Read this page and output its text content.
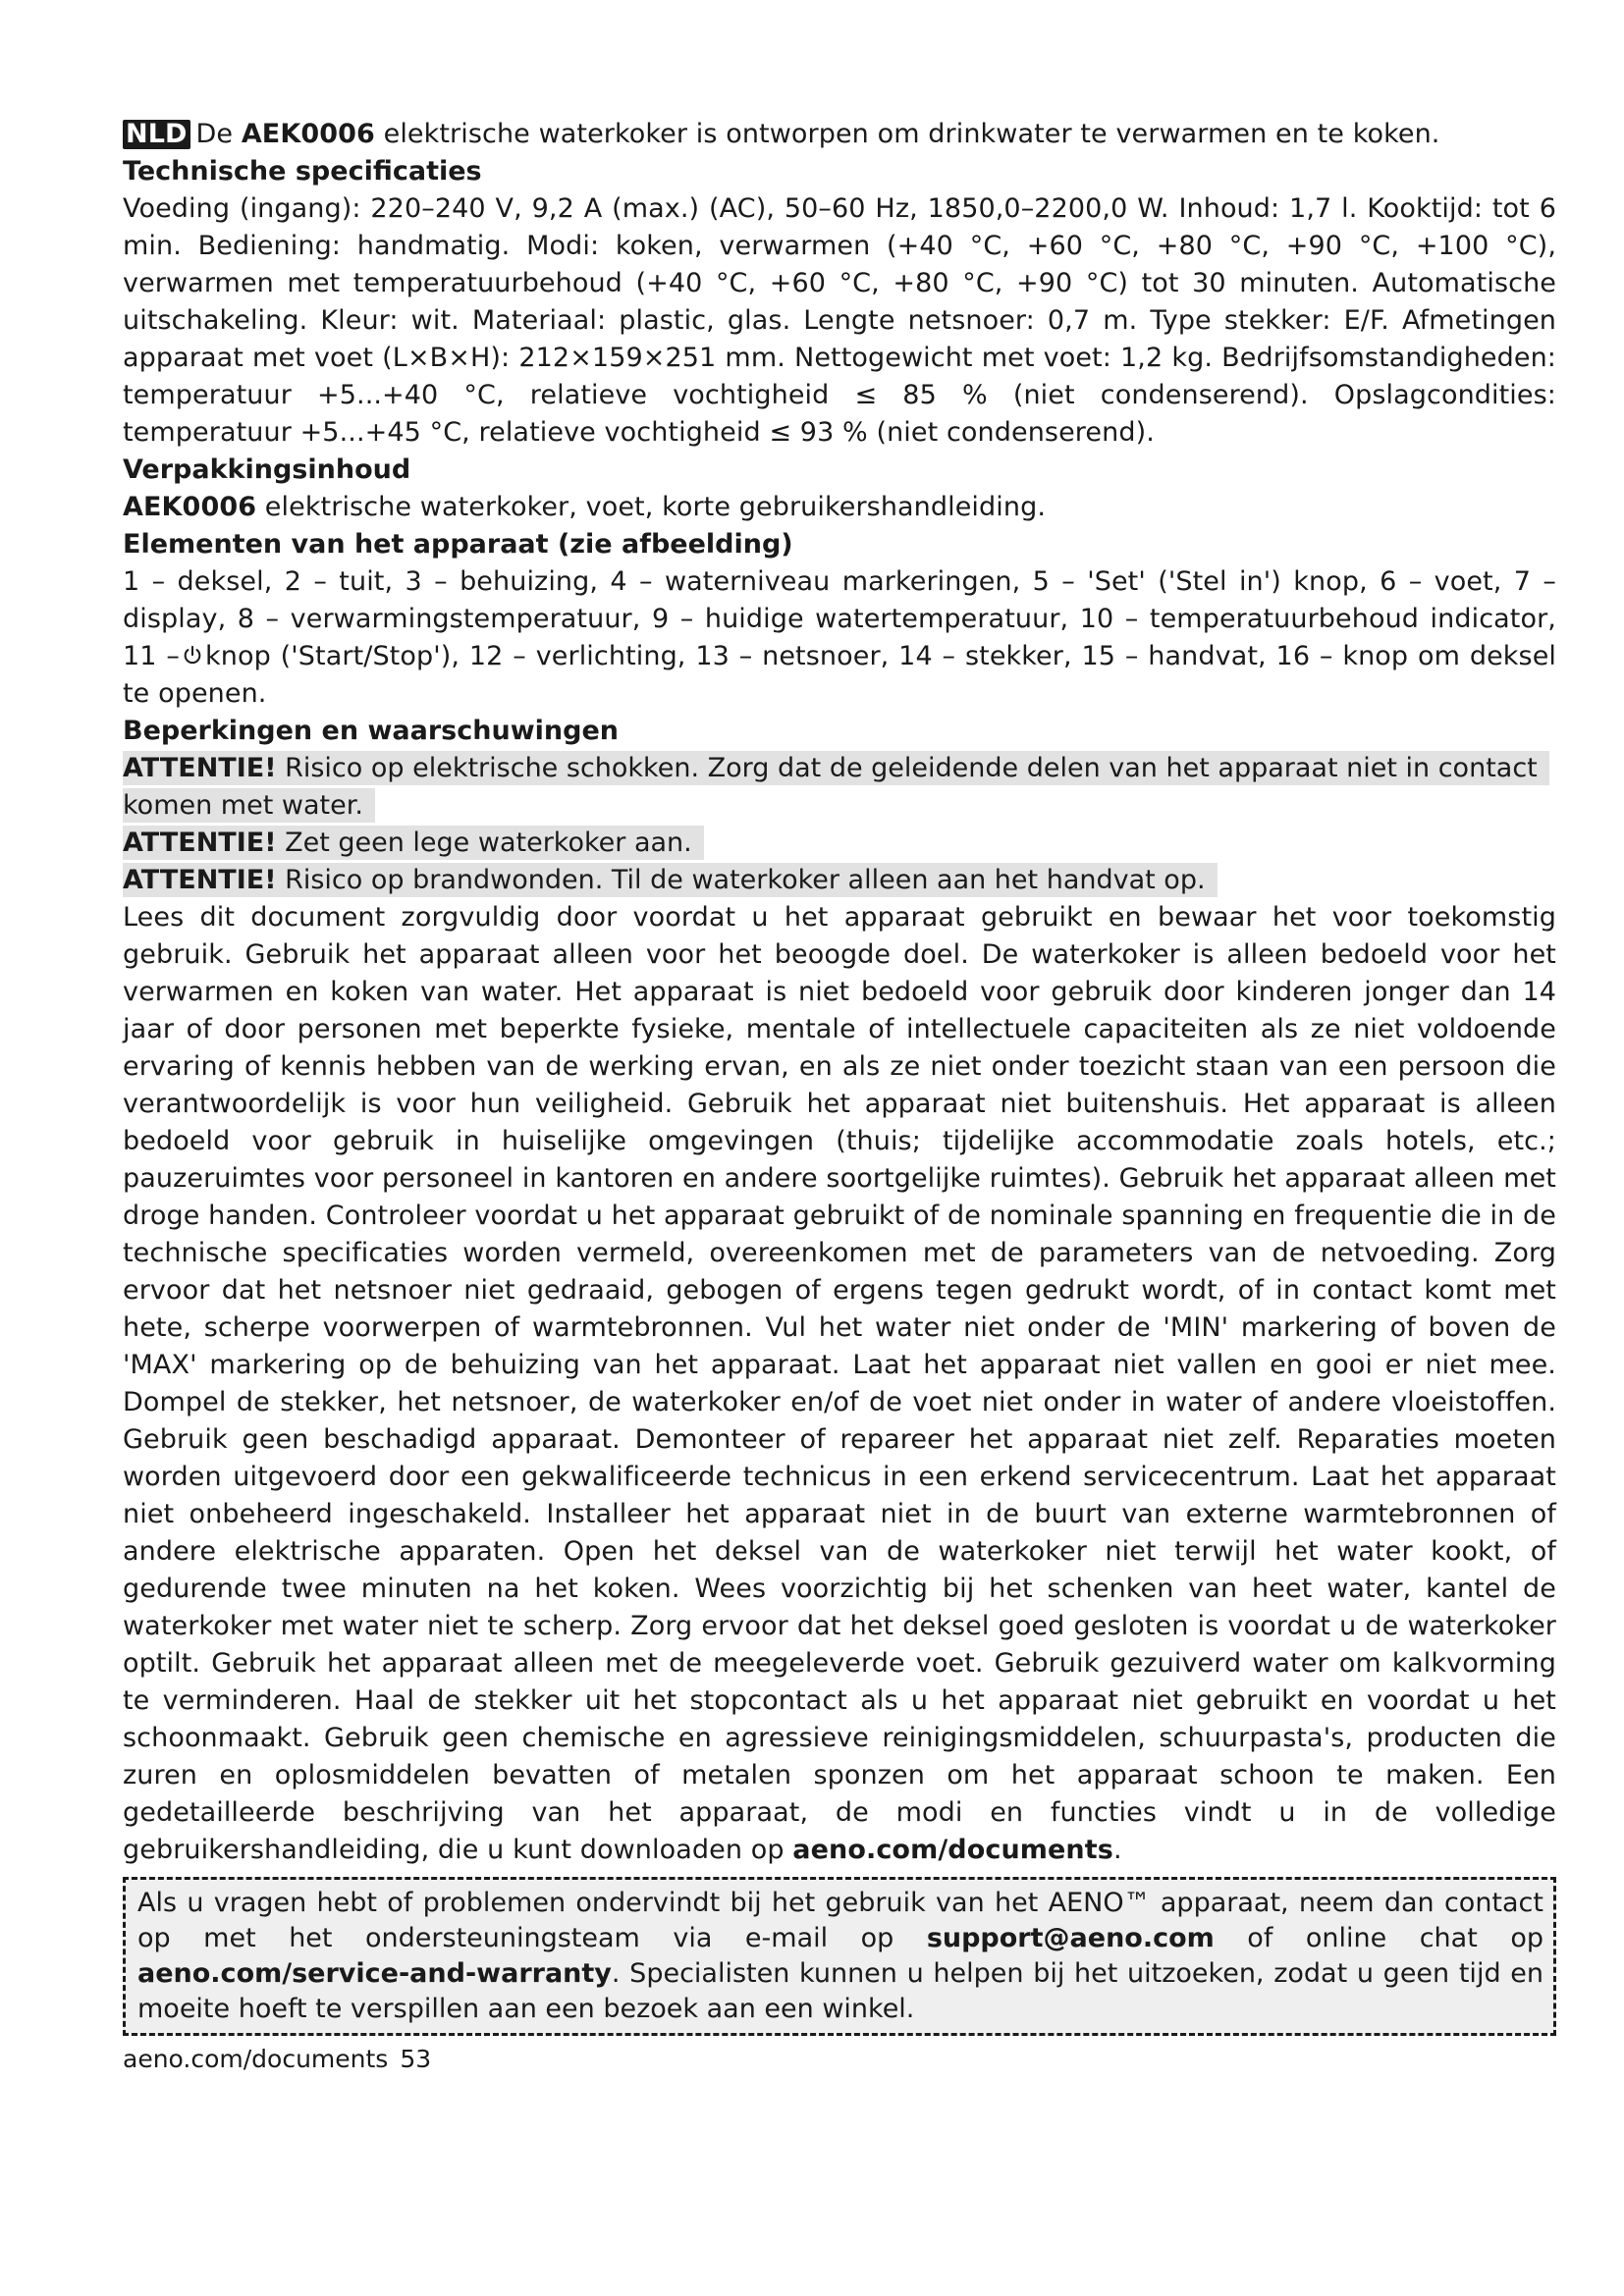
NLD De AEK0006 elektrische waterkoker is ontworpen om drinkwater te verwarmen en te koken.

Technische specificaties

Voeding (ingang): 220–240 V, 9,2 A (max.) (AC), 50–60 Hz, 1850,0–2200,0 W. Inhoud: 1,7 l. Kooktijd: tot 6 min. Bediening: handmatig. Modi: koken, verwarmen (+40 °C, +60 °C, +80 °C, +90 °C, +100 °C), verwarmen met temperatuurbehoud (+40 °C, +60 °C, +80 °C, +90 °C) tot 30 minuten. Automatische uitschakeling. Kleur: wit. Materiaal: plastic, glas. Lengte netsnoer: 0,7 m. Type stekker: E/F. Afmetingen apparaat met voet (L×B×H): 212×159×251 mm. Nettogewicht met voet: 1,2 kg. Bedrijfsomstandigheden: temperatuur +5...+40 °C, relatieve vochtigheid ≤ 85 % (niet condenserend). Opslagcondities: temperatuur +5...+45 °C, relatieve vochtigheid ≤ 93 % (niet condenserend).

Verpakkingsinhoud

AEK0006 elektrische waterkoker, voet, korte gebruikershandleiding.

Elementen van het apparaat (zie afbeelding)

1 – deksel, 2 – tuit, 3 – behuizing, 4 – waterniveau markeringen, 5 – 'Set' ('Stel in') knop, 6 – voet, 7 – display, 8 – verwarmingstemperatuur, 9 – huidige watertemperatuur, 10 – temperatuurbehoud indicator, 11 – knop ('Start/Stop'), 12 – verlichting, 13 – netsnoer, 14 – stekker, 15 – handvat, 16 – knop om deksel te openen.

Beperkingen en waarschuwingen

ATTENTIE! Risico op elektrische schokken. Zorg dat de geleidende delen van het apparaat niet in contact komen met water.

ATTENTIE! Zet geen lege waterkoker aan.

ATTENTIE! Risico op brandwonden. Til de waterkoker alleen aan het handvat op.

Lees dit document zorgvuldig door voordat u het apparaat gebruikt en bewaar het voor toekomstig gebruik. Gebruik het apparaat alleen voor het beoogde doel. De waterkoker is alleen bedoeld voor het verwarmen en koken van water. Het apparaat is niet bedoeld voor gebruik door kinderen jonger dan 14 jaar of door personen met beperkte fysieke, mentale of intellectuele capaciteiten als ze niet voldoende ervaring of kennis hebben van de werking ervan, en als ze niet onder toezicht staan van een persoon die verantwoordelijk is voor hun veiligheid. Gebruik het apparaat niet buitenshuis. Het apparaat is alleen bedoeld voor gebruik in huiselijke omgevingen (thuis; tijdelijke accommodatie zoals hotels, etc.; pauzeruimtes voor personeel in kantoren en andere soortgelijke ruimtes). Gebruik het apparaat alleen met droge handen. Controleer voordat u het apparaat gebruikt of de nominale spanning en frequentie die in de technische specificaties worden vermeld, overeenkomen met de parameters van de netvoeding. Zorg ervoor dat het netsnoer niet gedraaid, gebogen of ergens tegen gedrukt wordt, of in contact komt met hete, scherpe voorwerpen of warmtebronnen. Vul het water niet onder de 'MIN' markering of boven de 'MAX' markering op de behuizing van het apparaat. Laat het apparaat niet vallen en gooi er niet mee. Dompel de stekker, het netsnoer, de waterkoker en/of de voet niet onder in water of andere vloeistoffen. Gebruik geen beschadigd apparaat. Demonteer of repareer het apparaat niet zelf. Reparaties moeten worden uitgevoerd door een gekwalificeerde technicus in een erkend servicecentrum. Laat het apparaat niet onbeheerd ingeschakeld. Installeer het apparaat niet in de buurt van externe warmtebronnen of andere elektrische apparaten. Open het deksel van de waterkoker niet terwijl het water kookt, of gedurende twee minuten na het koken. Wees voorzichtig bij het schenken van heet water, kantel de waterkoker met water niet te scherp. Zorg ervoor dat het deksel goed gesloten is voordat u de waterkoker optilt. Gebruik het apparaat alleen met de meegeleverde voet. Gebruik gezuiverd water om kalkvorming te verminderen. Haal de stekker uit het stopcontact als u het apparaat niet gebruikt en voordat u het schoonmaakt. Gebruik geen chemische en agressieve reinigingsmiddelen, schuurpasta's, producten die zuren en oplosmiddelen bevatten of metalen sponzen om het apparaat schoon te maken. Een gedetailleerde beschrijving van het apparaat, de modi en functies vindt u in de volledige gebruikershandleiding, die u kunt downloaden op aeno.com/documents.

Als u vragen hebt of problemen ondervindt bij het gebruik van het AENO™ apparaat, neem dan contact op met het ondersteuningsteam via e-mail op support@aeno.com of online chat op aeno.com/service-and-warranty. Specialisten kunnen u helpen bij het uitzoeken, zodat u geen tijd en moeite hoeft te verspillen aan een bezoek aan een winkel.

aeno.com/documents 53
